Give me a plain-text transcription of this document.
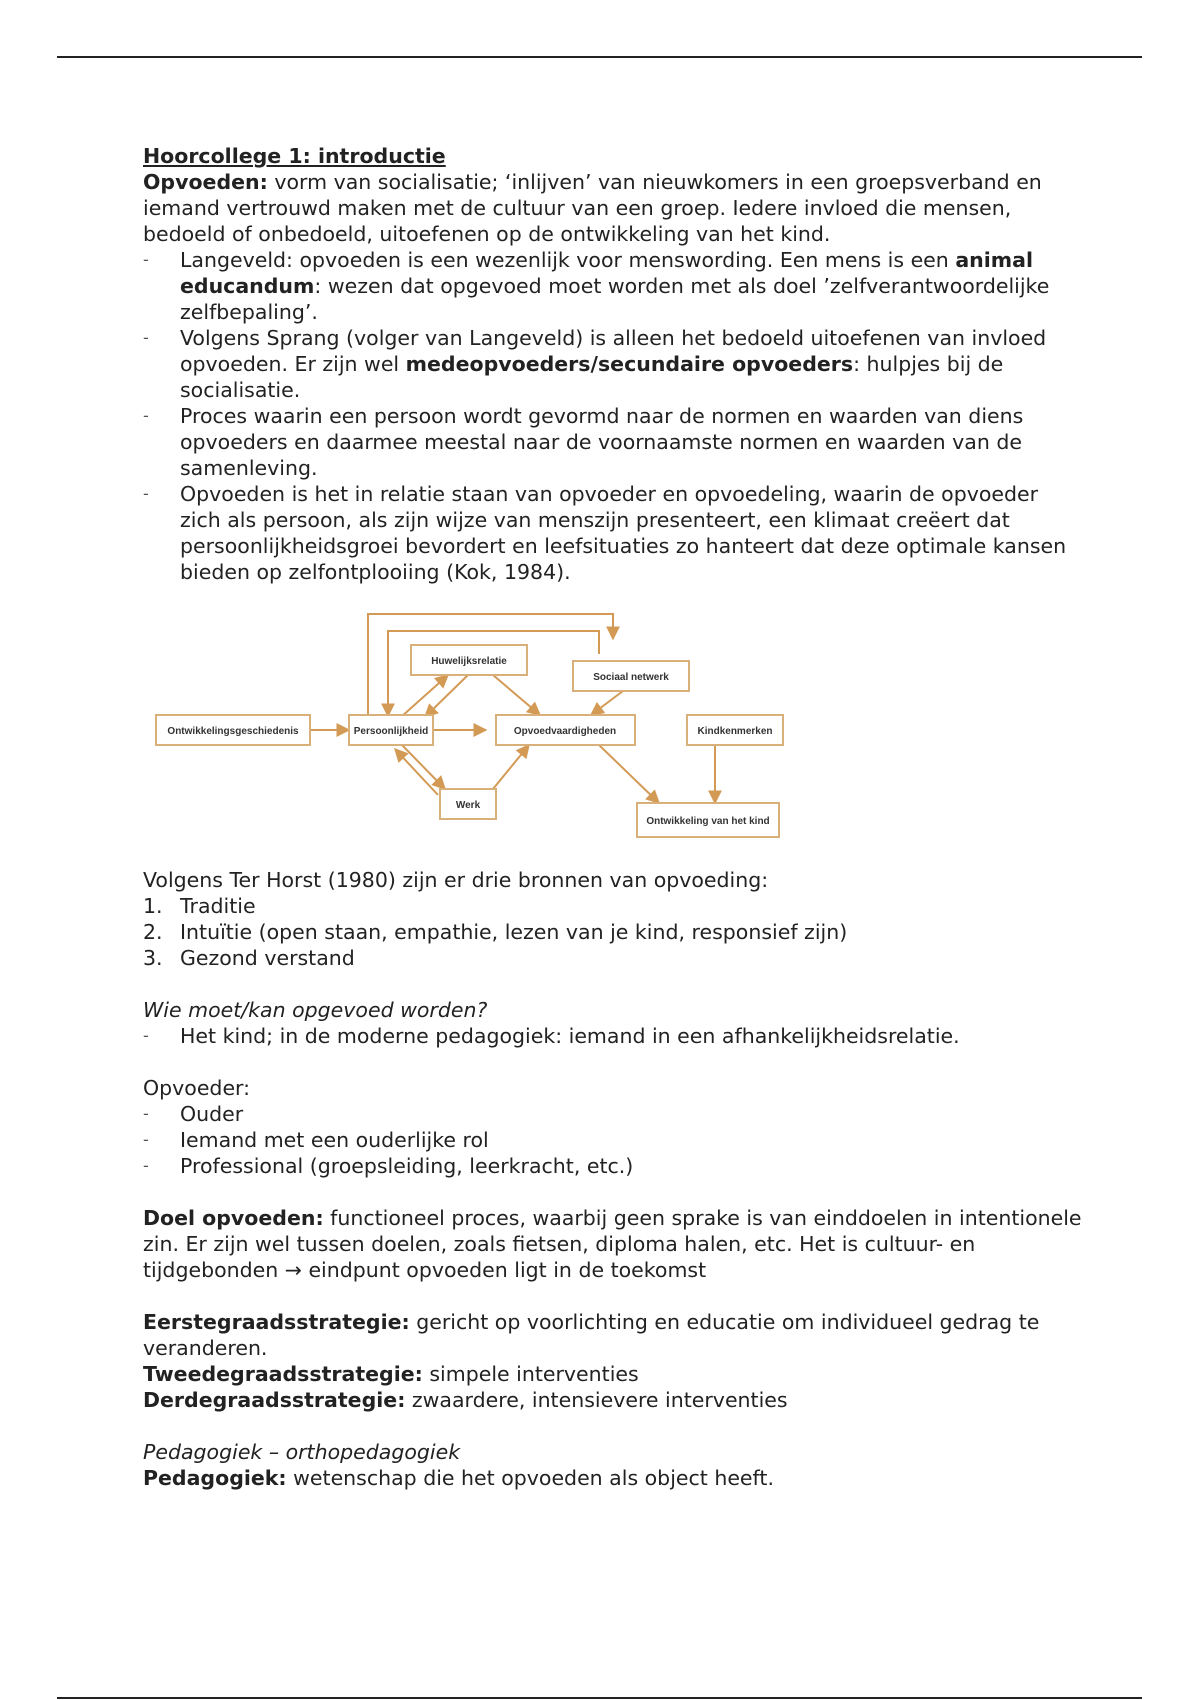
Hoorcollege 1: introductie

Opvoeden: vorm van socialisatie; ‘inlijven’ van nieuwkomers in een groepsverband en iemand vertrouwd maken met de cultuur van een groep. Iedere invloed die mensen, bedoeld of onbedoeld, uitoefenen op de ontwikkeling van het kind.

- Langeveld: opvoeden is een wezenlijk voor menswording. Een mens is een animal educandum: wezen dat opgevoed moet worden met als doel ’zelfverantwoordelijke zelfbepaling’.
- Volgens Sprang (volger van Langeveld) is alleen het bedoeld uitoefenen van invloed opvoeden. Er zijn wel medeopvoeders/secundaire opvoeders: hulpjes bij de socialisatie.
- Proces waarin een persoon wordt gevormd naar de normen en waarden van diens opvoeders en daarmee meestal naar de voornaamste normen en waarden van de samenleving.
- Opvoeden is het in relatie staan van opvoeder en opvoedeling, waarin de opvoeder zich als persoon, als zijn wijze van menszijn presenteert, een klimaat creëert dat persoonlijkheidsgroei bevordert en leefsituaties zo hanteert dat deze optimale kansen bieden op zelfontplooiing (Kok, 1984).
Ontwikkelingsgeschiedenis	Persoonlijkheid
Huwelijksrelatie
Sociaal netwerk
Opvoedvaardigheden	Kindkenmerken
Werk
Ontwikkeling van het kind

Volgens Ter Horst (1980) zijn er drie bronnen van opvoeding:

1. Traditie
2. Intuïtie (open staan, empathie, lezen van je kind, responsief zijn)
3. Gezond verstand

Wie moet/kan opgevoed worden?

- Het kind; in de moderne pedagogiek: iemand in een afhankelijkheidsrelatie.

Opvoeder:

- Ouder
- Iemand met een ouderlijke rol
- Professional (groepsleiding, leerkracht, etc.)

Doel opvoeden: functioneel proces, waarbij geen sprake is van einddoelen in intentionele zin. Er zijn wel tussen doelen, zoals fietsen, diploma halen, etc. Het is cultuur- en tijdgebonden → eindpunt opvoeden ligt in de toekomst

Eerstegraadsstrategie: gericht op voorlichting en educatie om individueel gedrag te veranderen.

Tweedegraadsstrategie: simpele interventies

Derdegraadsstrategie: zwaardere, intensievere interventies

Pedagogiek – orthopedagogiek

Pedagogiek: wetenschap die het opvoeden als object heeft.
